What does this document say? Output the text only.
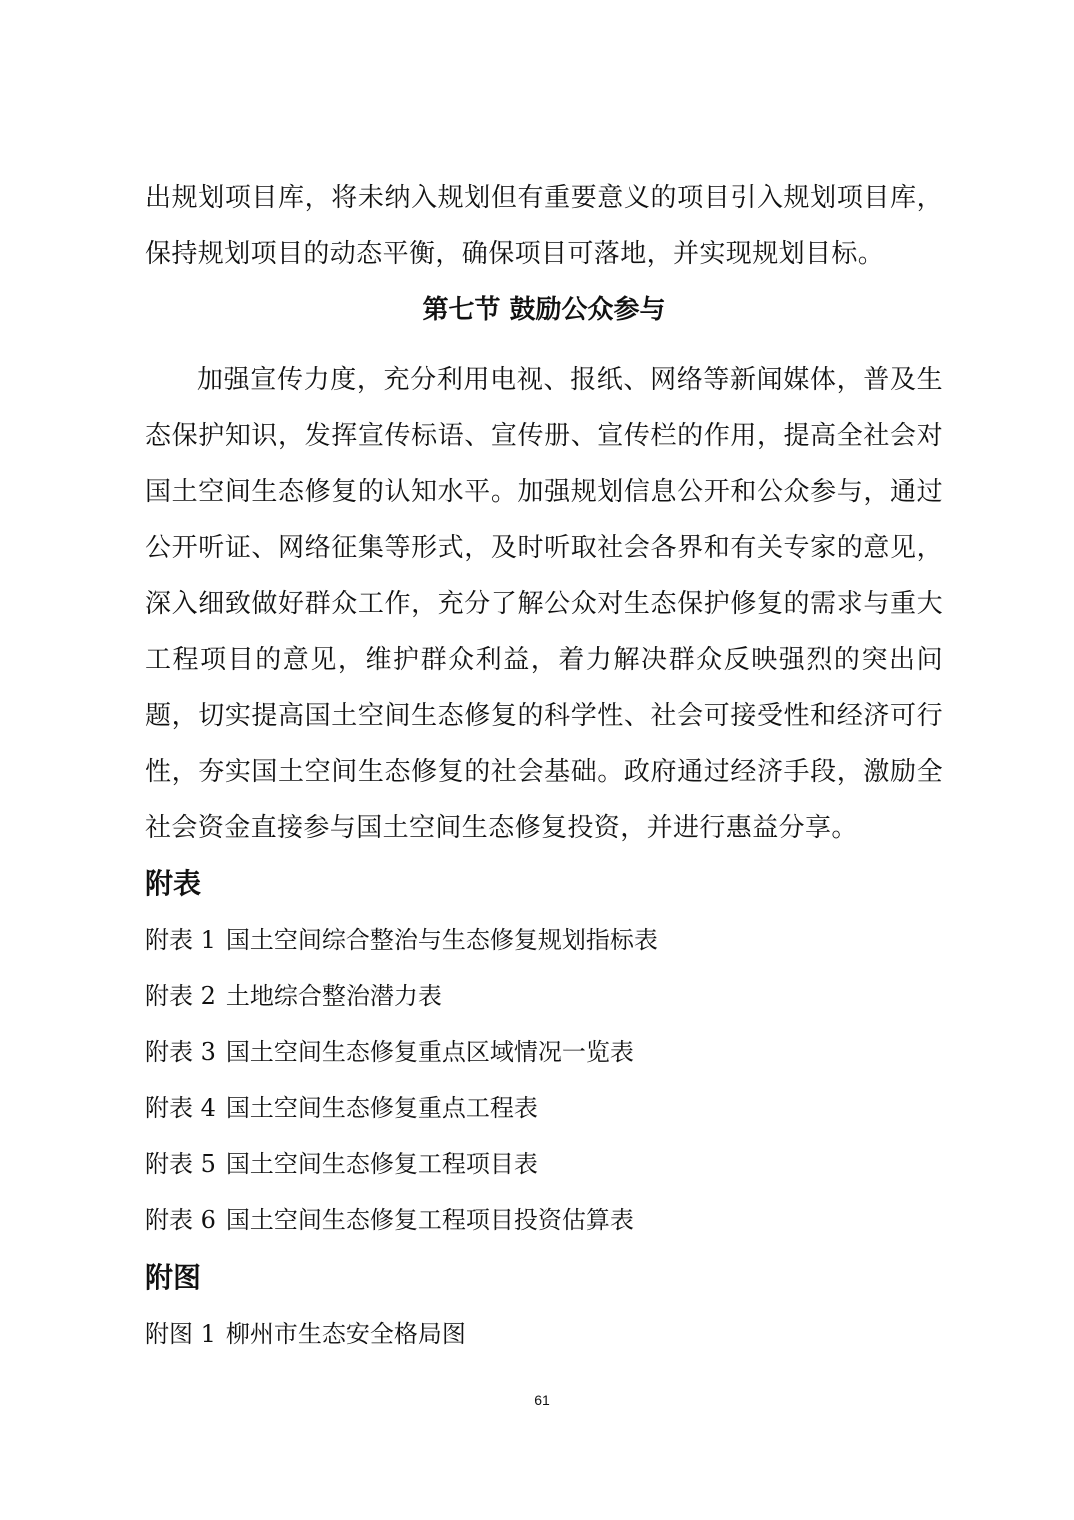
出规划项目库，将未纳入规划但有重要意义的项目引入规划项目库，保持规划项目的动态平衡，确保项目可落地，并实现规划目标。
第七节 鼓励公众参与
加强宣传力度，充分利用电视、报纸、网络等新闻媒体，普及生态保护知识，发挥宣传标语、宣传册、宣传栏的作用，提高全社会对国土空间生态修复的认知水平。加强规划信息公开和公众参与，通过公开听证、网络征集等形式，及时听取社会各界和有关专家的意见，深入细致做好群众工作，充分了解公众对生态保护修复的需求与重大工程项目的意见，维护群众利益，着力解决群众反映强烈的突出问题，切实提高国土空间生态修复的科学性、社会可接受性和经济可行性，夯实国土空间生态修复的社会基础。政府通过经济手段，激励全社会资金直接参与国土空间生态修复投资，并进行惠益分享。
附表
附表 1 国土空间综合整治与生态修复规划指标表
附表 2 土地综合整治潜力表
附表 3 国土空间生态修复重点区域情况一览表
附表 4 国土空间生态修复重点工程表
附表 5 国土空间生态修复工程项目表
附表 6 国土空间生态修复工程项目投资估算表
附图
附图 1 柳州市生态安全格局图
61
